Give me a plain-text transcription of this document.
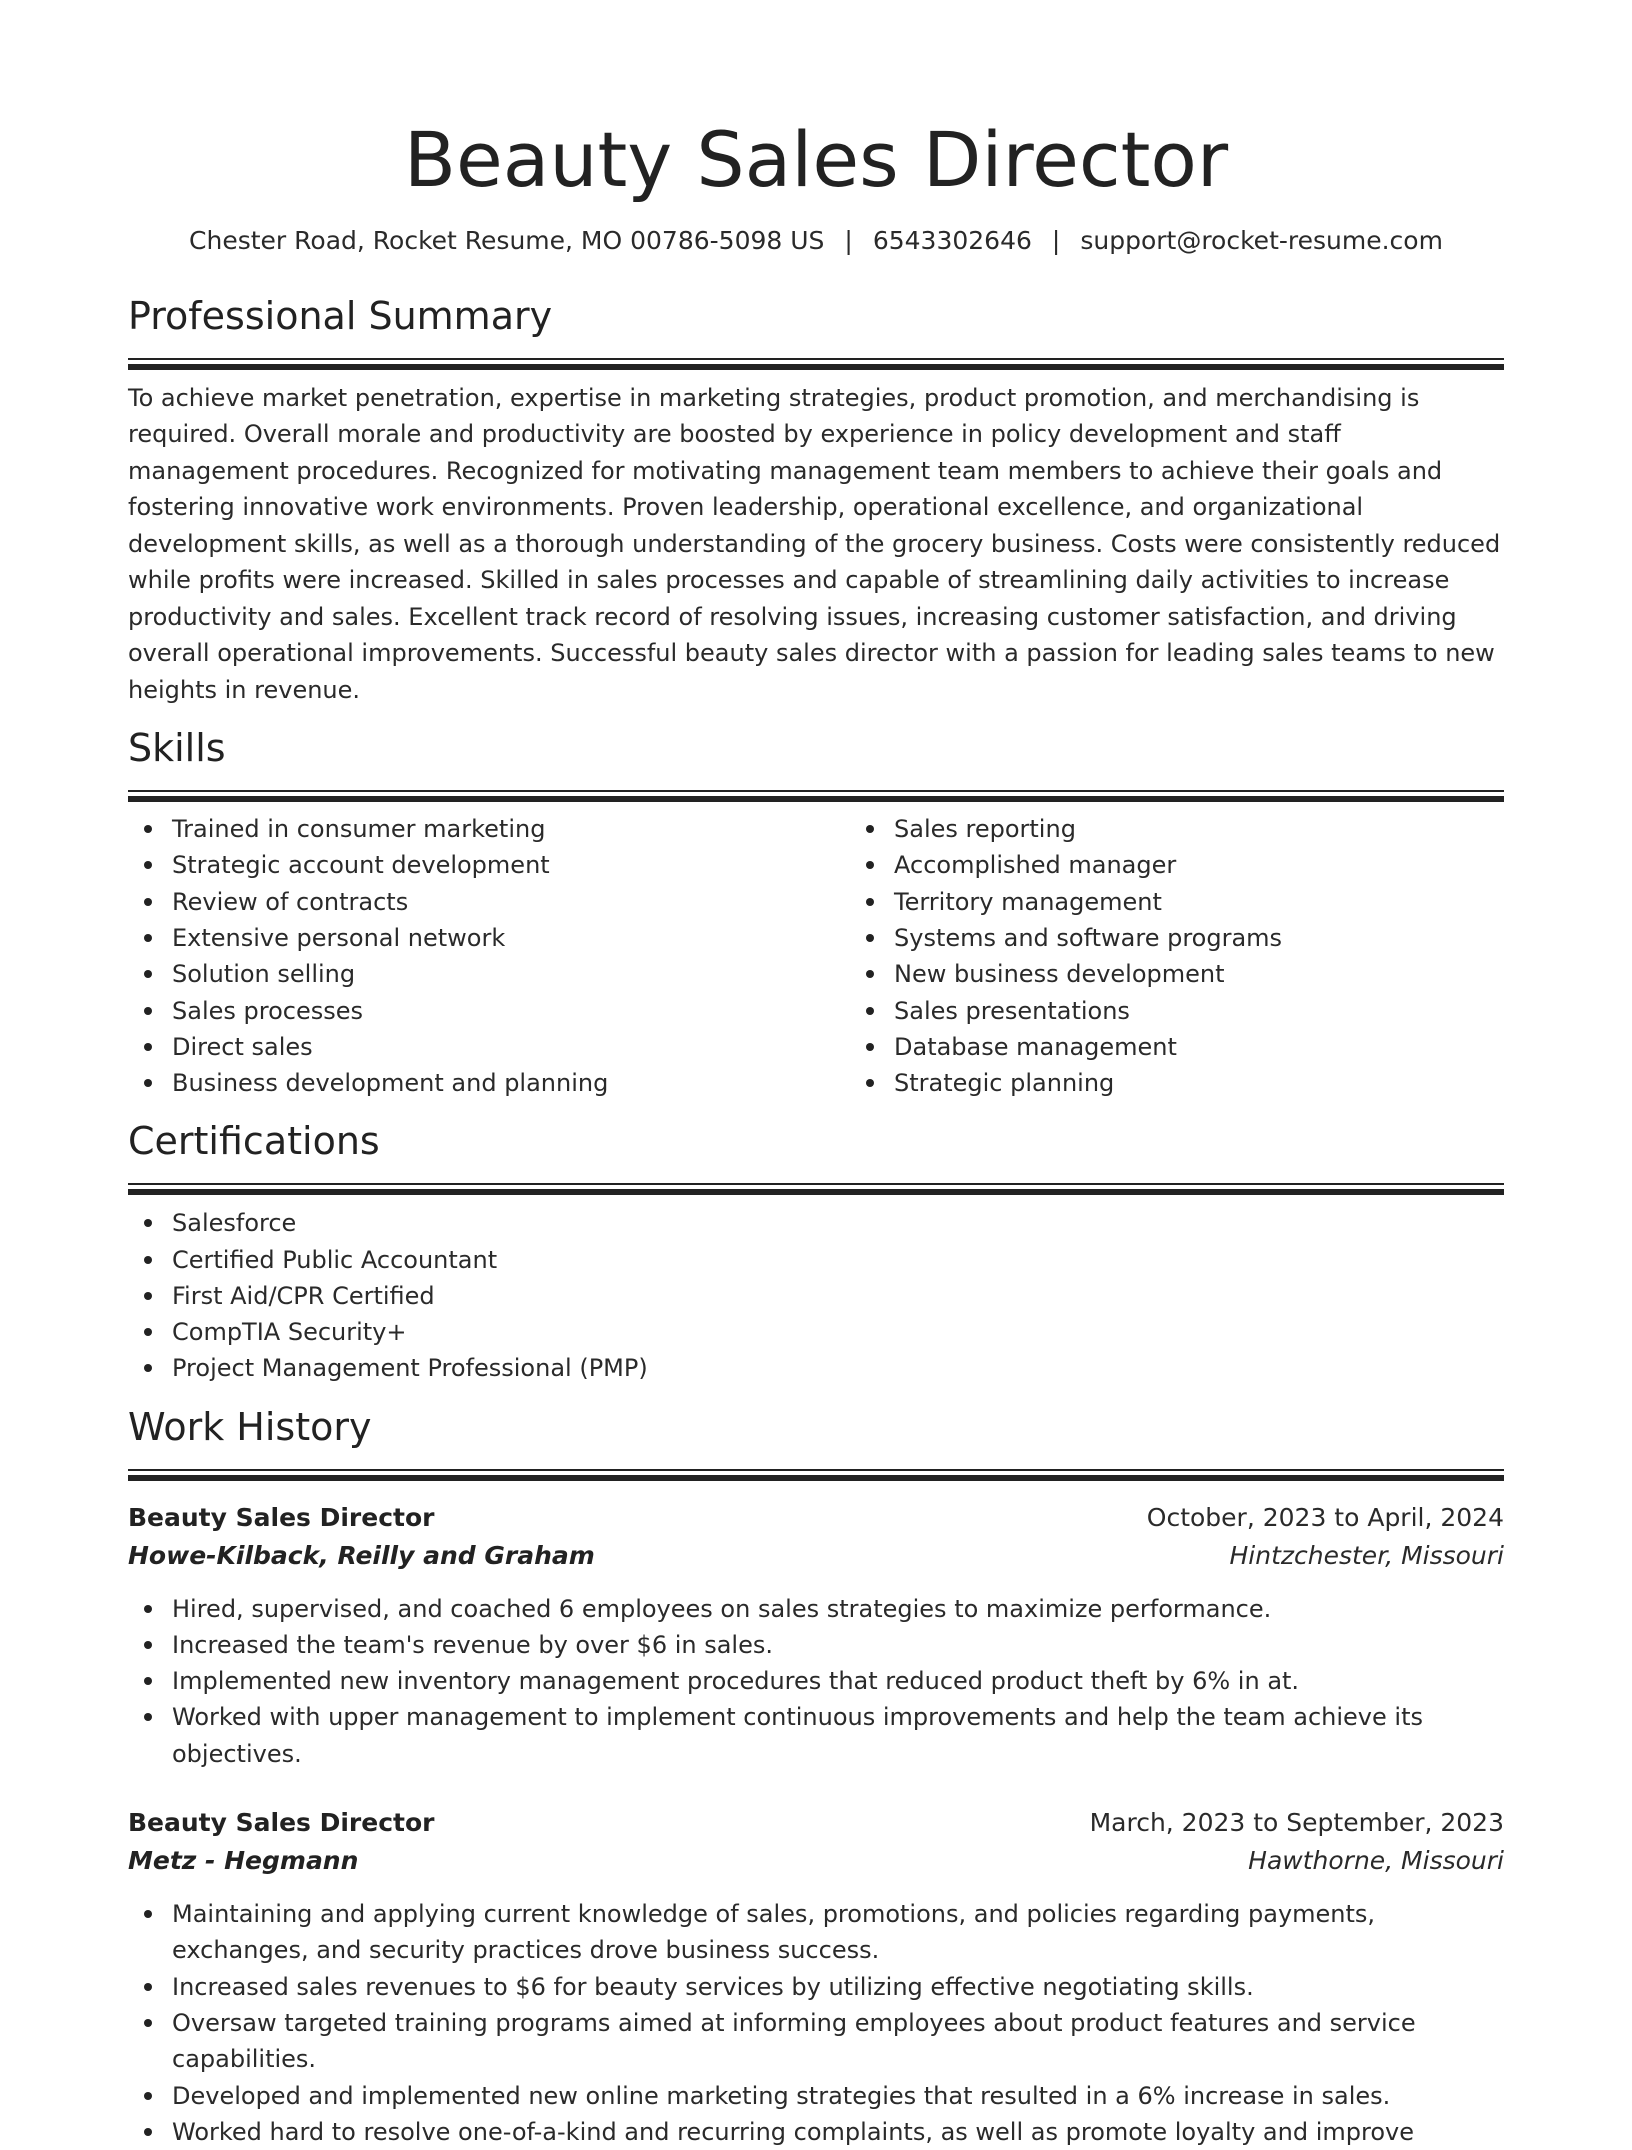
Beauty Sales Director
Chester Road, Rocket Resume, MO 00786-5098 US | 6543302646 | support@rocket-resume.com
Professional Summary
To achieve market penetration, expertise in marketing strategies, product promotion, and merchandising is required. Overall morale and productivity are boosted by experience in policy development and staff management procedures. Recognized for motivating management team members to achieve their goals and fostering innovative work environments. Proven leadership, operational excellence, and organizational development skills, as well as a thorough understanding of the grocery business. Costs were consistently reduced while profits were increased. Skilled in sales processes and capable of streamlining daily activities to increase productivity and sales. Excellent track record of resolving issues, increasing customer satisfaction, and driving overall operational improvements. Successful beauty sales director with a passion for leading sales teams to new heights in revenue.
Skills
Trained in consumer marketing
Strategic account development
Review of contracts
Extensive personal network
Solution selling
Sales processes
Direct sales
Business development and planning
Sales reporting
Accomplished manager
Territory management
Systems and software programs
New business development
Sales presentations
Database management
Strategic planning
Certifications
Salesforce
Certified Public Accountant
First Aid/CPR Certified
CompTIA Security+
Project Management Professional (PMP)
Work History
Beauty Sales Director	October, 2023 to April, 2024
Howe-Kilback, Reilly and Graham	Hintzchester, Missouri
Hired, supervised, and coached 6 employees on sales strategies to maximize performance.
Increased the team's revenue by over $6 in sales.
Implemented new inventory management procedures that reduced product theft by 6% in at.
Worked with upper management to implement continuous improvements and help the team achieve its objectives.
Beauty Sales Director	March, 2023 to September, 2023
Metz - Hegmann	Hawthorne, Missouri
Maintaining and applying current knowledge of sales, promotions, and policies regarding payments, exchanges, and security practices drove business success.
Increased sales revenues to $6 for beauty services by utilizing effective negotiating skills.
Oversaw targeted training programs aimed at informing employees about product features and service capabilities.
Developed and implemented new online marketing strategies that resulted in a 6% increase in sales.
Worked hard to resolve one-of-a-kind and recurring complaints, as well as promote loyalty and improve
